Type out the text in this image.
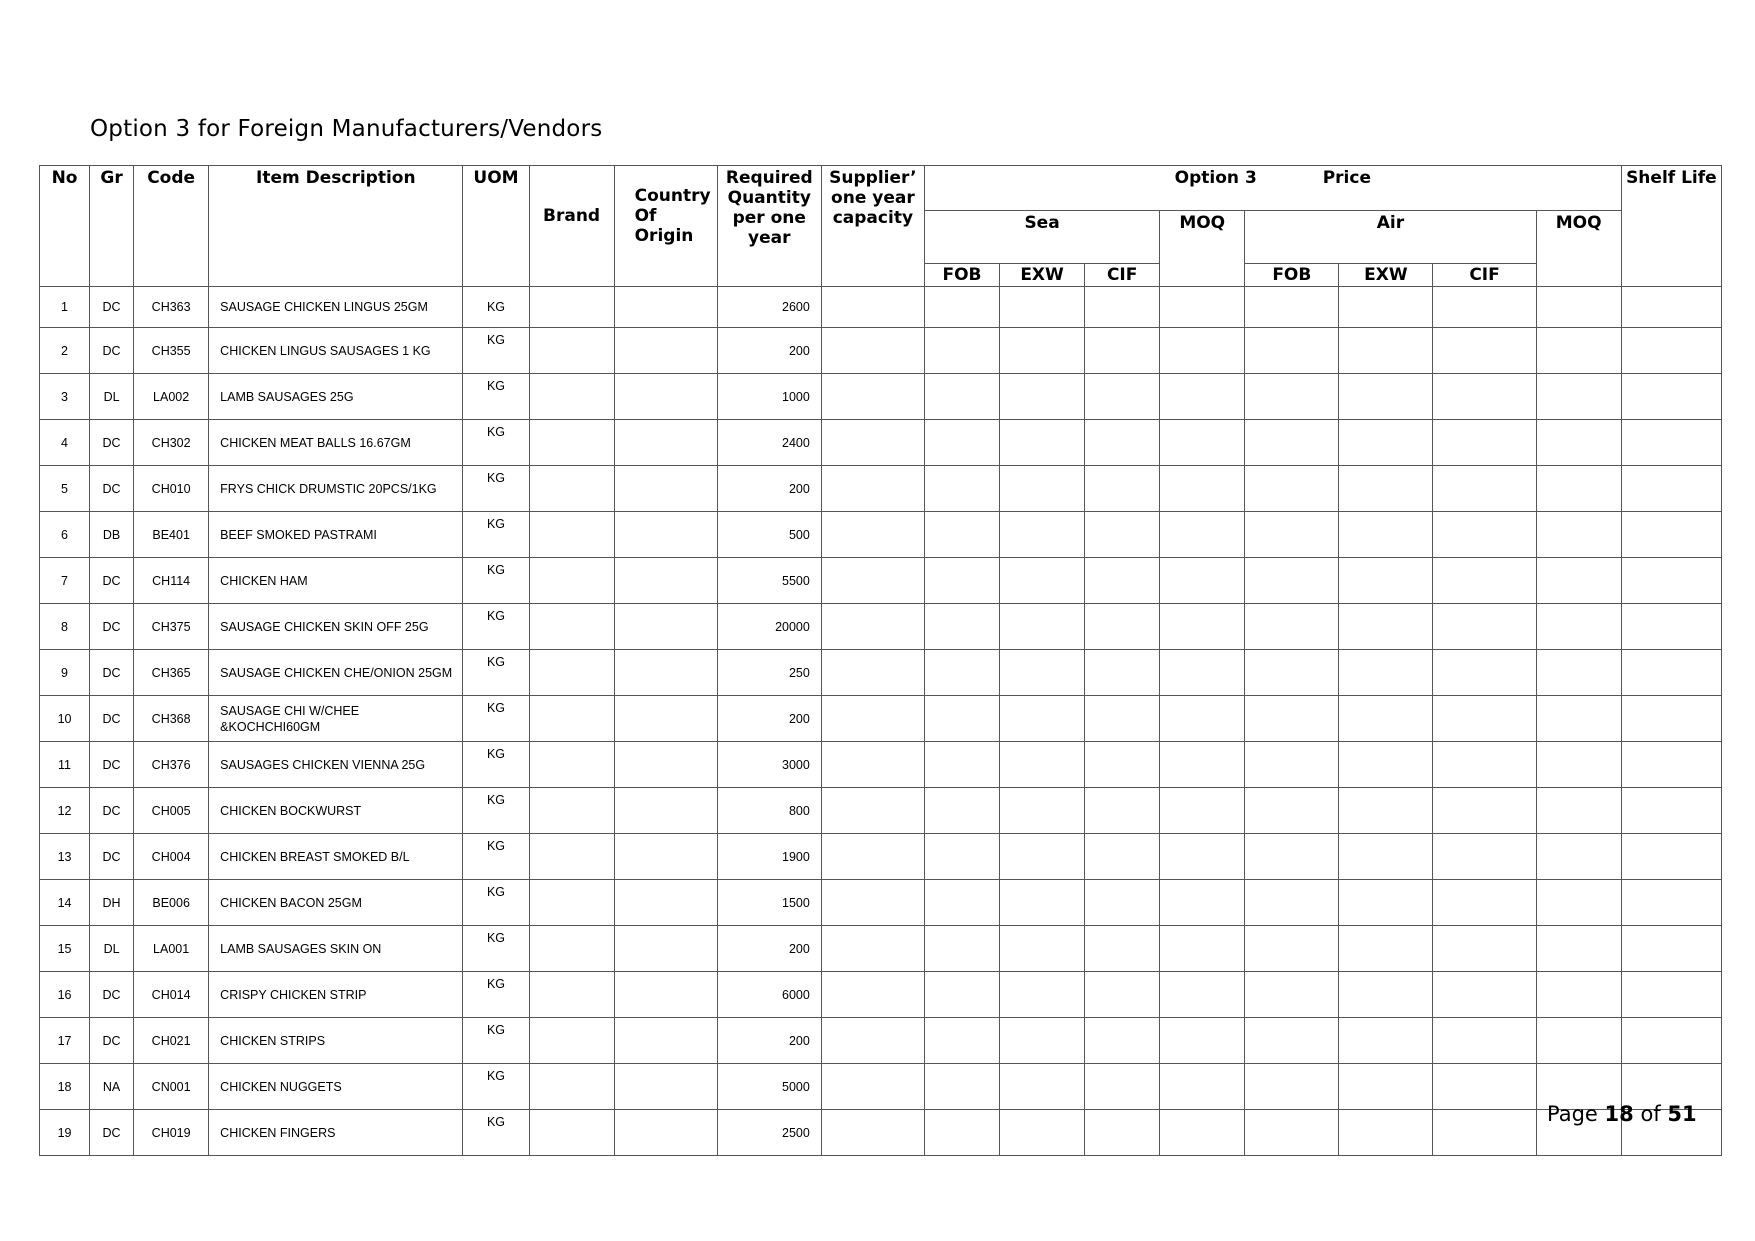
Option 3 for Foreign Manufacturers/Vendors
No	Gr	Code	Item Description	UOM	Brand	Country Of Origin	Required Quantity per one year	Supplier’ one year capacity	Option 3 Price								Shelf Life
									Sea			MOQ	Air			MOQ	
									FOB	EXW	CIF		FOB	EXW	CIF		
1	DC	CH363	SAUSAGE CHICKEN LINGUS 25GM	KG			2600										
2	DC	CH355	CHICKEN LINGUS SAUSAGES 1 KG	KG			200										
3	DL	LA002	LAMB SAUSAGES 25G	KG			1000										
4	DC	CH302	CHICKEN MEAT BALLS 16.67GM	KG			2400										
5	DC	CH010	FRYS CHICK DRUMSTIC 20PCS/1KG	KG			200										
6	DB	BE401	BEEF SMOKED PASTRAMI	KG			500										
7	DC	CH114	CHICKEN HAM	KG			5500										
8	DC	CH375	SAUSAGE CHICKEN SKIN OFF 25G	KG			20000										
9	DC	CH365	SAUSAGE CHICKEN CHE/ONION 25GM	KG			250										
10	DC	CH368	SAUSAGE CHI W/CHEE &KOCHCHI60GM	KG			200										
11	DC	CH376	SAUSAGES CHICKEN VIENNA 25G	KG			3000										
12	DC	CH005	CHICKEN BOCKWURST	KG			800										
13	DC	CH004	CHICKEN BREAST SMOKED B/L	KG			1900										
14	DH	BE006	CHICKEN BACON 25GM	KG			1500										
15	DL	LA001	LAMB SAUSAGES SKIN ON	KG			200										
16	DC	CH014	CRISPY CHICKEN STRIP	KG			6000										
17	DC	CH021	CHICKEN STRIPS	KG			200										
18	NA	CN001	CHICKEN NUGGETS	KG			5000										
19	DC	CH019	CHICKEN FINGERS	KG			2500										
Page 18 of 51
